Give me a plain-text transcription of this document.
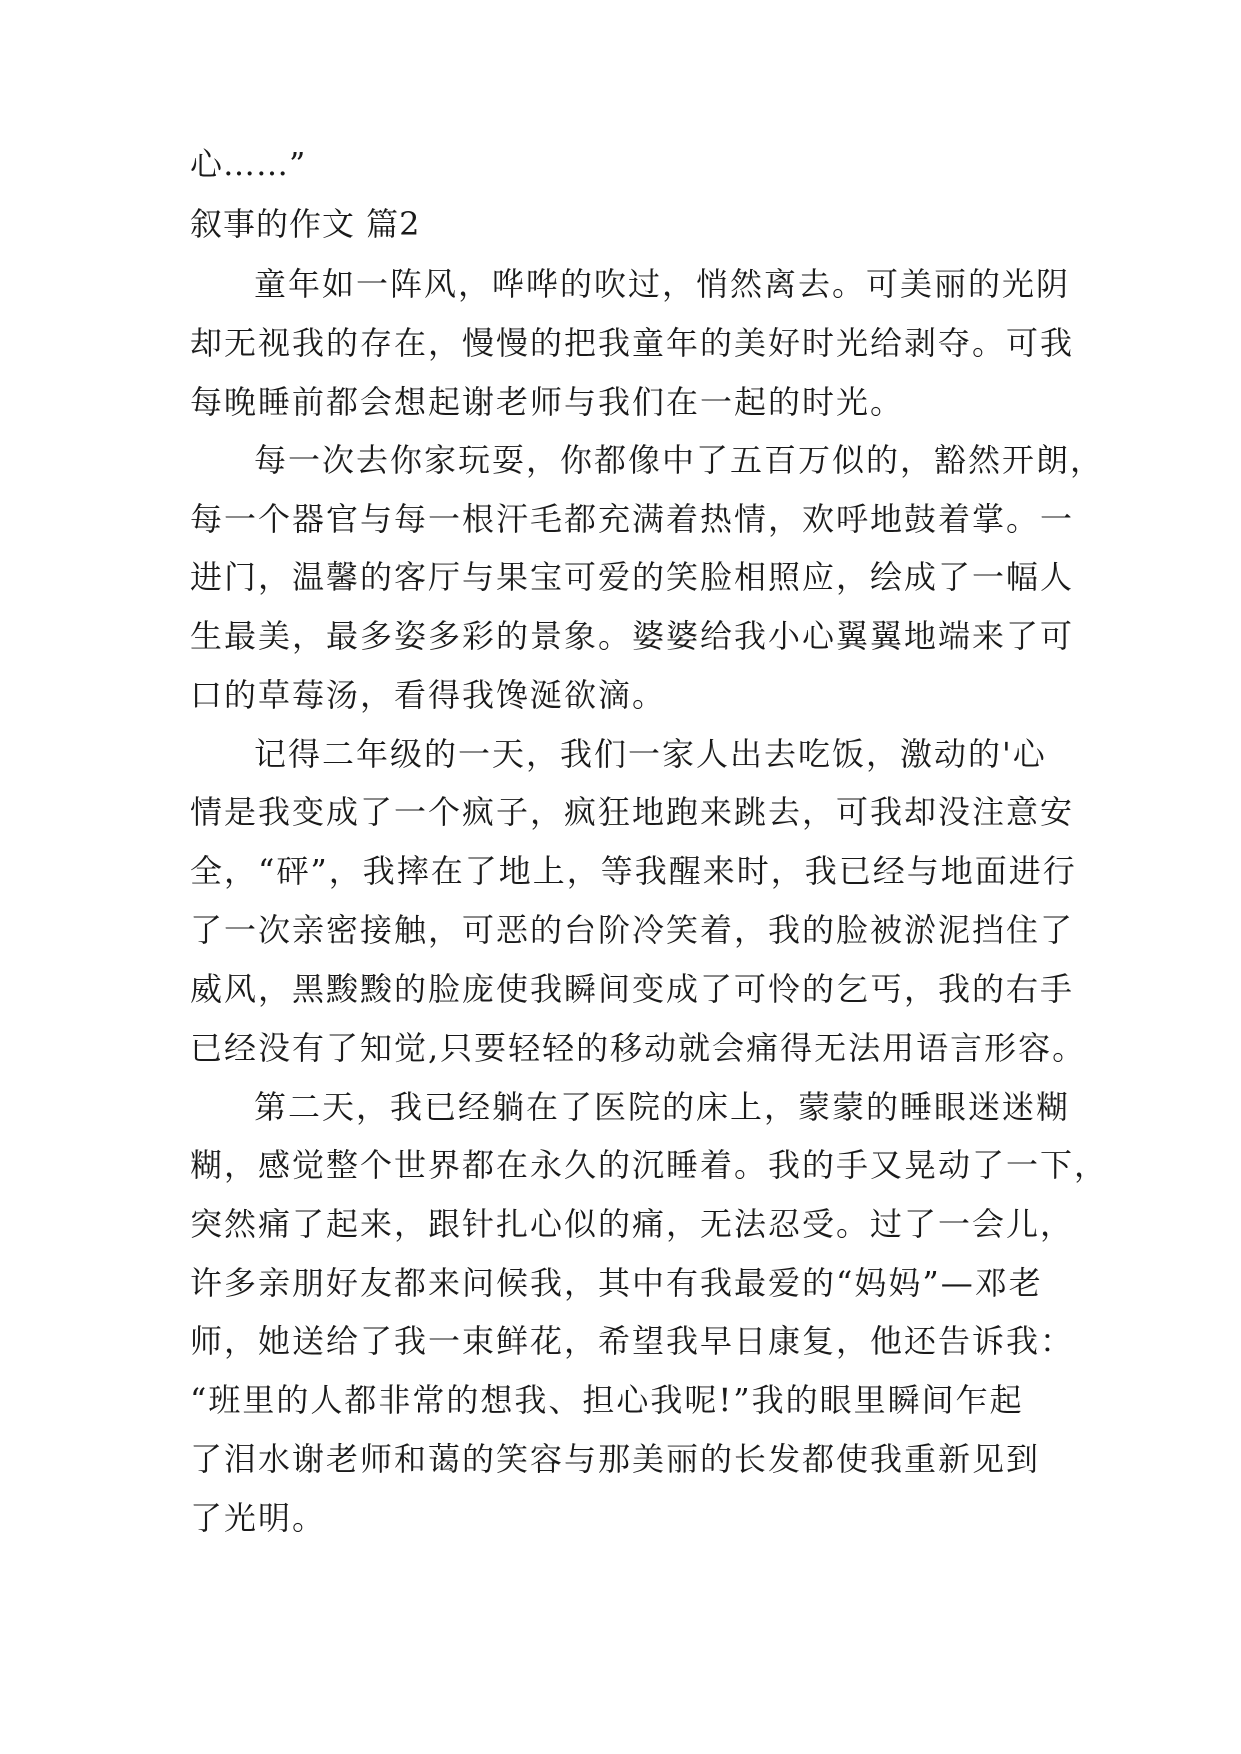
心……”
叙事的作文 篇2
童年如一阵风，哗哗的吹过，悄然离去。可美丽的光阴
却无视我的存在，慢慢的把我童年的美好时光给剥夺。可我
每晚睡前都会想起谢老师与我们在一起的时光。
每一次去你家玩耍，你都像中了五百万似的，豁然开朗，
每一个器官与每一根汗毛都充满着热情，欢呼地鼓着掌。一
进门，温馨的客厅与果宝可爱的笑脸相照应，绘成了一幅人
生最美，最多姿多彩的景象。婆婆给我小心翼翼地端来了可
口的草莓汤，看得我馋涎欲滴。
记得二年级的一天，我们一家人出去吃饭，激动的'心
情是我变成了一个疯子，疯狂地跑来跳去，可我却没注意安
全，“砰”，我摔在了地上，等我醒来时，我已经与地面进行
了一次亲密接触，可恶的台阶冷笑着，我的脸被淤泥挡住了
威风，黑黢黢的脸庞使我瞬间变成了可怜的乞丐，我的右手
已经没有了知觉,只要轻轻的移动就会痛得无法用语言形容。
第二天，我已经躺在了医院的床上，蒙蒙的睡眼迷迷糊
糊，感觉整个世界都在永久的沉睡着。我的手又晃动了一下，
突然痛了起来，跟针扎心似的痛，无法忍受。过了一会儿，
许多亲朋好友都来问候我，其中有我最爱的“妈妈”—邓老
师，她送给了我一束鲜花，希望我早日康复，他还告诉我：
“班里的人都非常的想我、担心我呢!”我的眼里瞬间乍起
了泪水谢老师和蔼的笑容与那美丽的长发都使我重新见到
了光明。
